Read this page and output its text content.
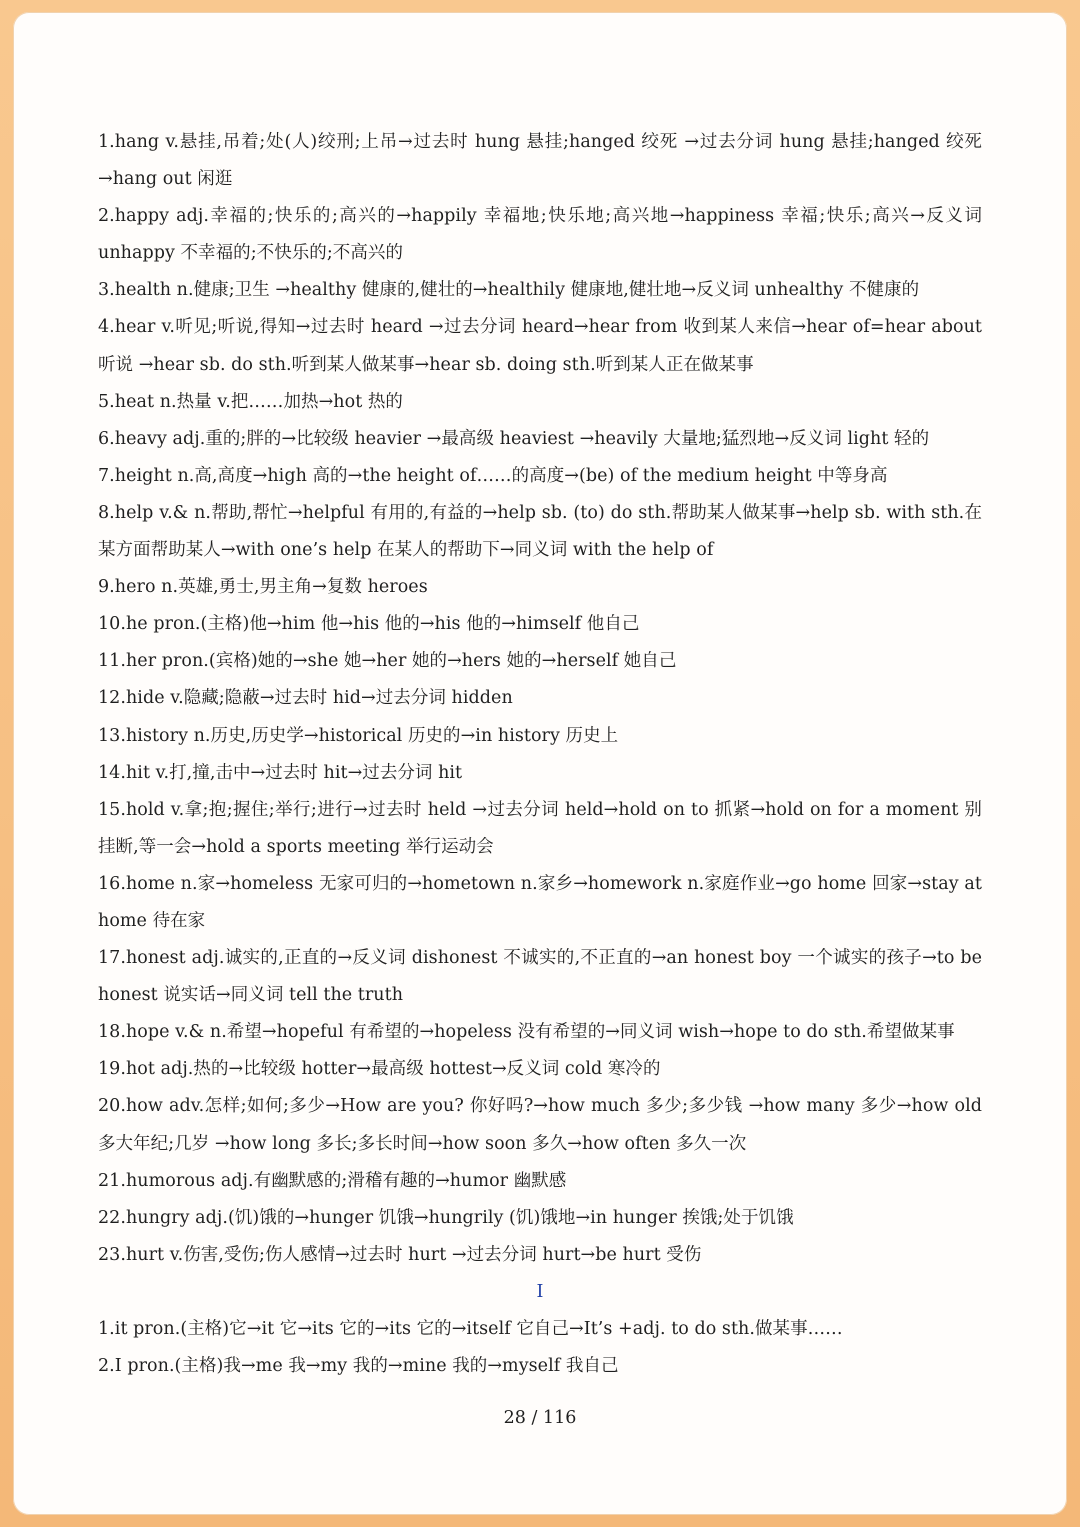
1.hang v.悬挂,吊着;处(人)绞刑;上吊→过去时 hung 悬挂;hanged 绞死 →过去分词 hung 悬挂;hanged 绞死 →hang out 闲逛

2.happy adj.幸福的;快乐的;高兴的→happily 幸福地;快乐地;高兴地→happiness 幸福;快乐;高兴→反义词 unhappy 不幸福的;不快乐的;不高兴的

3.health n.健康;卫生 →healthy 健康的,健壮的→healthily 健康地,健壮地→反义词 unhealthy 不健康的

4.hear v.听见;听说,得知→过去时 heard →过去分词 heard→hear from 收到某人来信→hear of=hear about 听说 →hear sb. do sth.听到某人做某事→hear sb. doing sth.听到某人正在做某事

5.heat n.热量 v.把……加热→hot 热的

6.heavy adj.重的;胖的→比较级 heavier →最高级 heaviest →heavily 大量地;猛烈地→反义词 light 轻的

7.height n.高,高度→high 高的→the height of……的高度→(be) of the medium height 中等身高

8.help v.& n.帮助,帮忙→helpful 有用的,有益的→help sb. (to) do sth.帮助某人做某事→help sb. with sth.在某方面帮助某人→with one’s help 在某人的帮助下→同义词 with the help of

9.hero n.英雄,勇士,男主角→复数 heroes

10.he pron.(主格)他→him 他→his 他的→his 他的→himself 他自己

11.her pron.(宾格)她的→she 她→her 她的→hers 她的→herself 她自己

12.hide v.隐藏;隐蔽→过去时 hid→过去分词 hidden

13.history n.历史,历史学→historical 历史的→in history 历史上

14.hit v.打,撞,击中→过去时 hit→过去分词 hit

15.hold v.拿;抱;握住;举行;进行→过去时 held →过去分词 held→hold on to 抓紧→hold on for a moment 别挂断,等一会→hold a sports meeting 举行运动会

16.home n.家→homeless 无家可归的→hometown n.家乡→homework n.家庭作业→go home 回家→stay at home 待在家

17.honest adj.诚实的,正直的→反义词 dishonest 不诚实的,不正直的→an honest boy 一个诚实的孩子→to be honest 说实话→同义词 tell the truth

18.hope v.& n.希望→hopeful 有希望的→hopeless 没有希望的→同义词 wish→hope to do sth.希望做某事

19.hot adj.热的→比较级 hotter→最高级 hottest→反义词 cold 寒冷的

20.how adv.怎样;如何;多少→How are you? 你好吗?→how much 多少;多少钱 →how many 多少→how old 多大年纪;几岁 →how long 多长;多长时间→how soon 多久→how often 多久一次

21.humorous adj.有幽默感的;滑稽有趣的→humor 幽默感

22.hungry adj.(饥)饿的→hunger 饥饿→hungrily (饥)饿地→in hunger 挨饿;处于饥饿

23.hurt v.伤害,受伤;伤人感情→过去时 hurt →过去分词 hurt→be hurt 受伤

I

1.it pron.(主格)它→it 它→its 它的→its 它的→itself 它自己→It’s +adj. to do sth.做某事……

2.I pron.(主格)我→me 我→my 我的→mine 我的→myself 我自己

28 / 116
